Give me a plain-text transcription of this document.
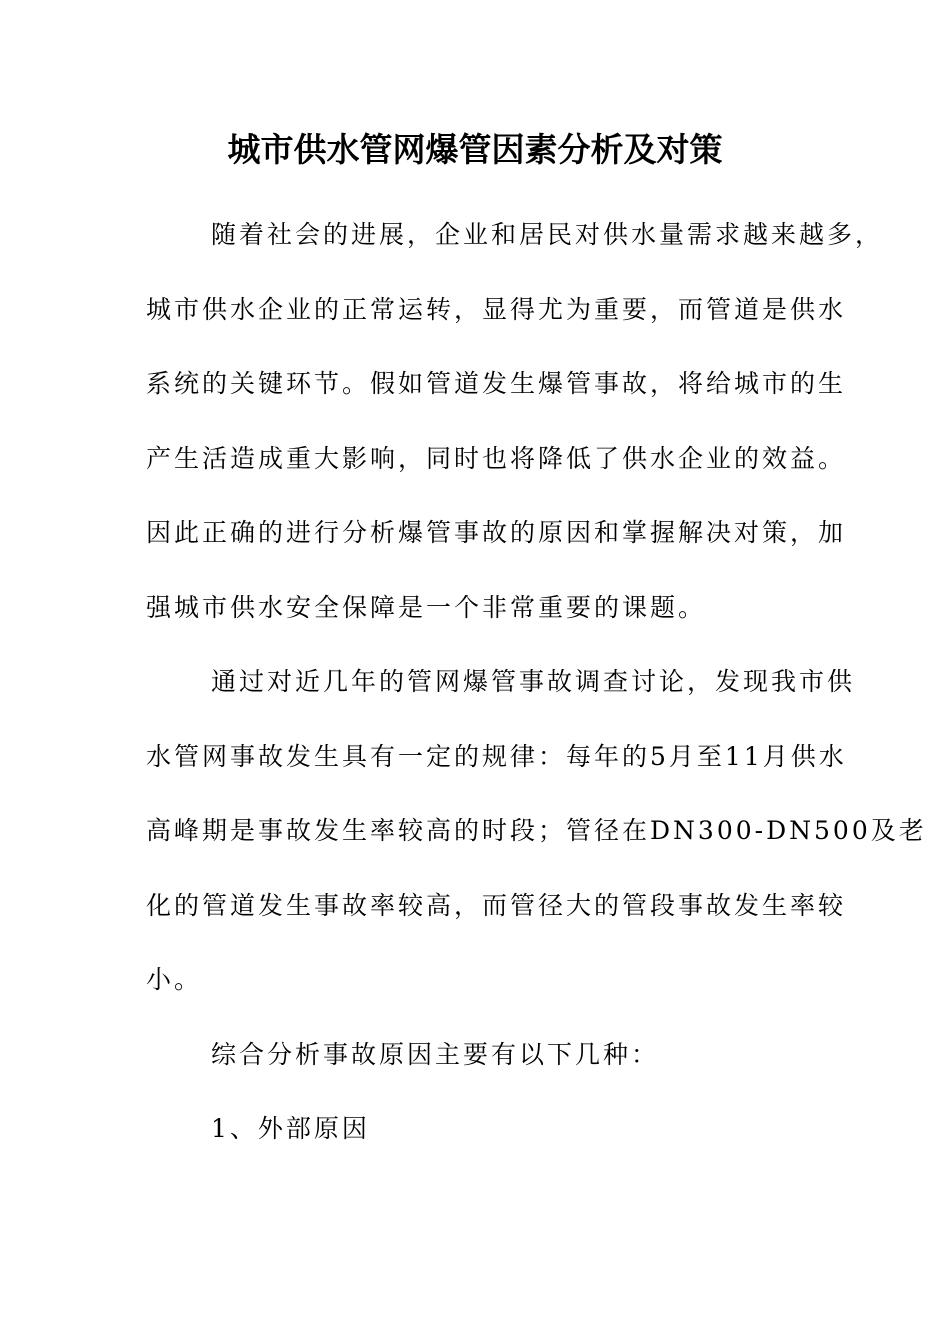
城市供水管网爆管因素分析及对策
随着社会的进展，企业和居民对供水量需求越来越多，
城市供水企业的正常运转，显得尤为重要，而管道是供水
系统的关键环节。假如管道发生爆管事故，将给城市的生
产生活造成重大影响，同时也将降低了供水企业的效益。
因此正确的进行分析爆管事故的原因和掌握解决对策，加
强城市供水安全保障是一个非常重要的课题。
通过对近几年的管网爆管事故调查讨论，发现我市供
水管网事故发生具有一定的规律：每年的5月至11月供水
高峰期是事故发生率较高的时段；管径在DN300-DN500及老
化的管道发生事故率较高，而管径大的管段事故发生率较
小。
综合分析事故原因主要有以下几种：
1、外部原因
